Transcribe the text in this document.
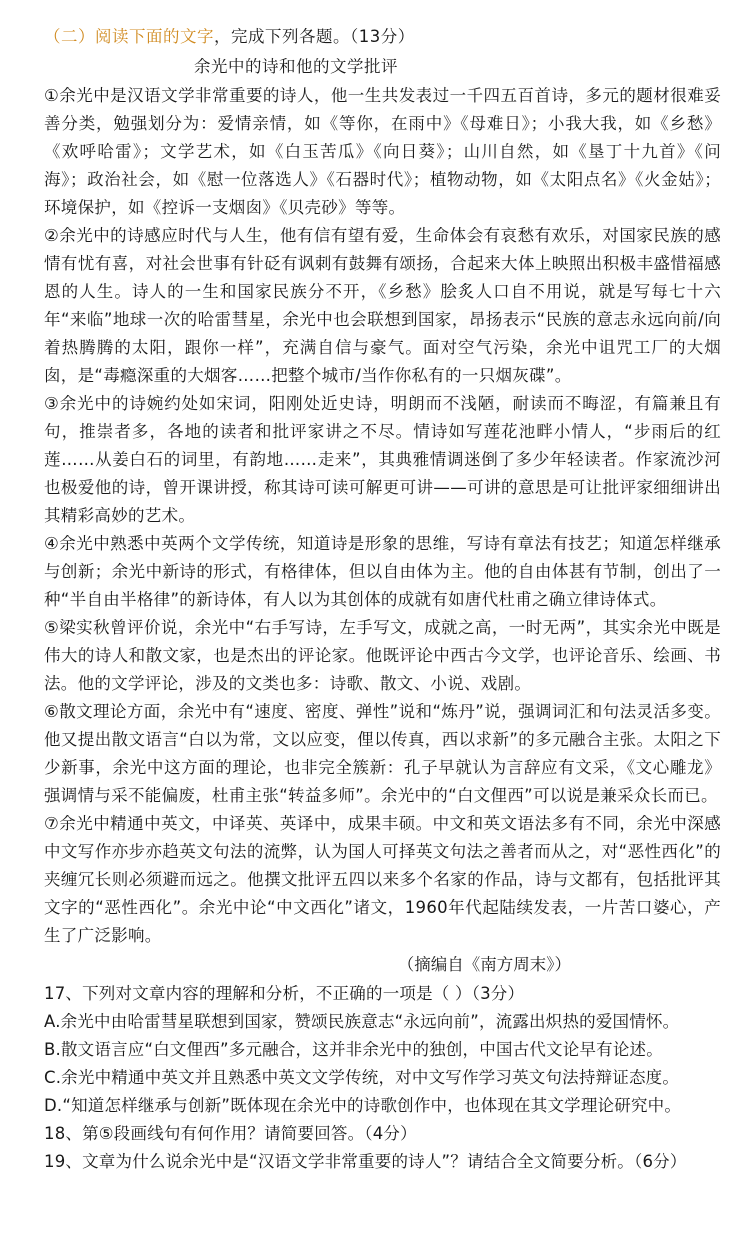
（二）阅读下面的文字，完成下列各题。（13分）
余光中的诗和他的文学批评

①余光中是汉语文学非常重要的诗人，他一生共发表过一千四五百首诗，多元的题材很难妥善分类，勉强划分为：爱情亲情，如《等你，在雨中》《母难日》；小我大我，如《乡愁》《欢呼哈雷》；文学艺术，如《白玉苦瓜》《向日葵》；山川自然，如《垦丁十九首》《问海》；政治社会，如《慰一位落选人》《石器时代》；植物动物，如《太阳点名》《火金姑》；环境保护，如《控诉一支烟囱》《贝壳砂》等等。

②余光中的诗感应时代与人生，他有信有望有爱，生命体会有哀愁有欢乐，对国家民族的感情有忧有喜，对社会世事有针砭有讽刺有鼓舞有颂扬，合起来大体上映照出积极丰盛惜福感恩的人生。诗人的一生和国家民族分不开，《乡愁》脍炙人口自不用说，就是写每七十六年“来临”地球一次的哈雷彗星，余光中也会联想到国家，昂扬表示“民族的意志永远向前/向着热腾腾的太阳，跟你一样”，充满自信与豪气。面对空气污染，余光中诅咒工厂的大烟囱，是“毒瘾深重的大烟客……把整个城市/当作你私有的一只烟灰碟”。

③余光中的诗婉约处如宋词，阳刚处近史诗，明朗而不浅陋，耐读而不晦涩，有篇兼且有句，推崇者多，各地的读者和批评家讲之不尽。情诗如写莲花池畔小情人，“步雨后的红莲……从姜白石的词里，有韵地……走来”，其典雅情调迷倒了多少年轻读者。作家流沙河也极爱他的诗，曾开课讲授，称其诗可读可解更可讲——可讲的意思是可让批评家细细讲出其精彩高妙的艺术。

④余光中熟悉中英两个文学传统，知道诗是形象的思维，写诗有章法有技艺；知道怎样继承与创新；余光中新诗的形式，有格律体，但以自由体为主。他的自由体甚有节制，创出了一种“半自由半格律”的新诗体，有人以为其创体的成就有如唐代杜甫之确立律诗体式。

⑤梁实秋曾评价说，余光中“右手写诗，左手写文，成就之高，一时无两”，其实余光中既是伟大的诗人和散文家，也是杰出的评论家。他既评论中西古今文学，也评论音乐、绘画、书法。他的文学评论，涉及的文类也多：诗歌、散文、小说、戏剧。

⑥散文理论方面，余光中有“速度、密度、弹性”说和“炼丹”说，强调词汇和句法灵活多变。他又提出散文语言“白以为常，文以应变，俚以传真，西以求新”的多元融合主张。太阳之下少新事，余光中这方面的理论，也非完全簇新：孔子早就认为言辞应有文采，《文心雕龙》强调情与采不能偏废，杜甫主张“转益多师”。余光中的“白文俚西”可以说是兼采众长而已。

⑦余光中精通中英文，中译英、英译中，成果丰硕。中文和英文语法多有不同，余光中深感中文写作亦步亦趋英文句法的流弊，认为国人可择英文句法之善者而从之，对“恶性西化”的夹缠冗长则必须避而远之。他撰文批评五四以来多个名家的作品，诗与文都有，包括批评其文字的“恶性西化”。余光中论“中文西化”诸文，1960年代起陆续发表，一片苦口婆心，产生了广泛影响。

（摘编自《南方周末》）

17、下列对文章内容的理解和分析，不正确的一项是（ ）（3分）

A.余光中由哈雷彗星联想到国家，赞颂民族意志“永远向前”，流露出炽热的爱国情怀。

B.散文语言应“白文俚西”多元融合，这并非余光中的独创，中国古代文论早有论述。

C.余光中精通中英文并且熟悉中英文文学传统，对中文写作学习英文句法持辩证态度。

D.“知道怎样继承与创新”既体现在余光中的诗歌创作中，也体现在其文学理论研究中。

18、第⑤段画线句有何作用？请简要回答。（4分）

19、文章为什么说余光中是“汉语文学非常重要的诗人”？请结合全文简要分析。（6分）
